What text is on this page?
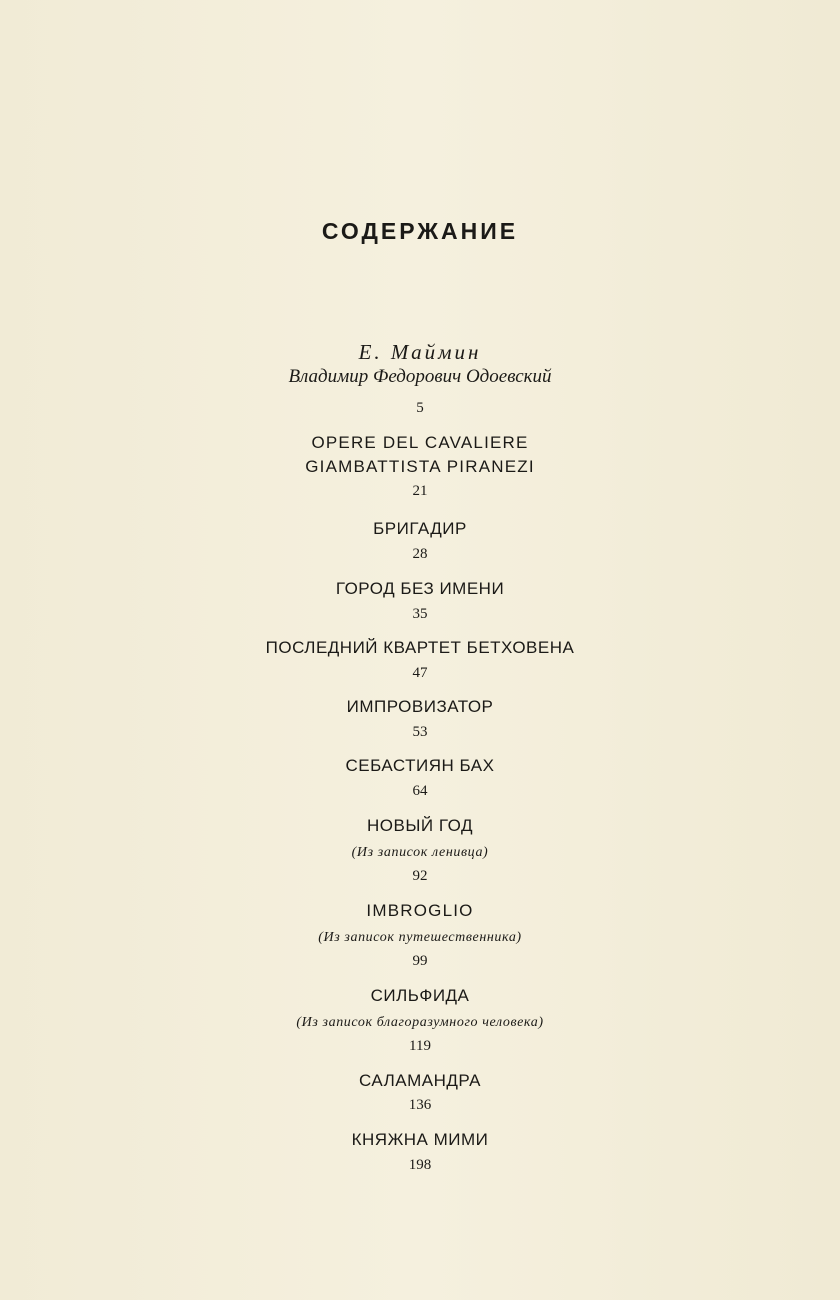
СОДЕРЖАНИЕ
Е. Маймин
Владимир Федорович Одоевский
5
OPERE DEL CAVALIERE
GIAMBATTISTA PIRANEZI
21
БРИГАДИР
28
ГОРОД БЕЗ ИМЕНИ
35
ПОСЛЕДНИЙ КВАРТЕТ БЕТХОВЕНА
47
ИМПРОВИЗАТОР
53
СЕБАСТИЯН БАХ
64
НОВЫЙ ГОД
(Из записок ленивца)
92
IMBROGLIO
(Из записок путешественника)
99
СИЛЬФИДА
(Из записок благоразумного человека)
119
САЛАМАНДРА
136
КНЯЖНА МИМИ
198
